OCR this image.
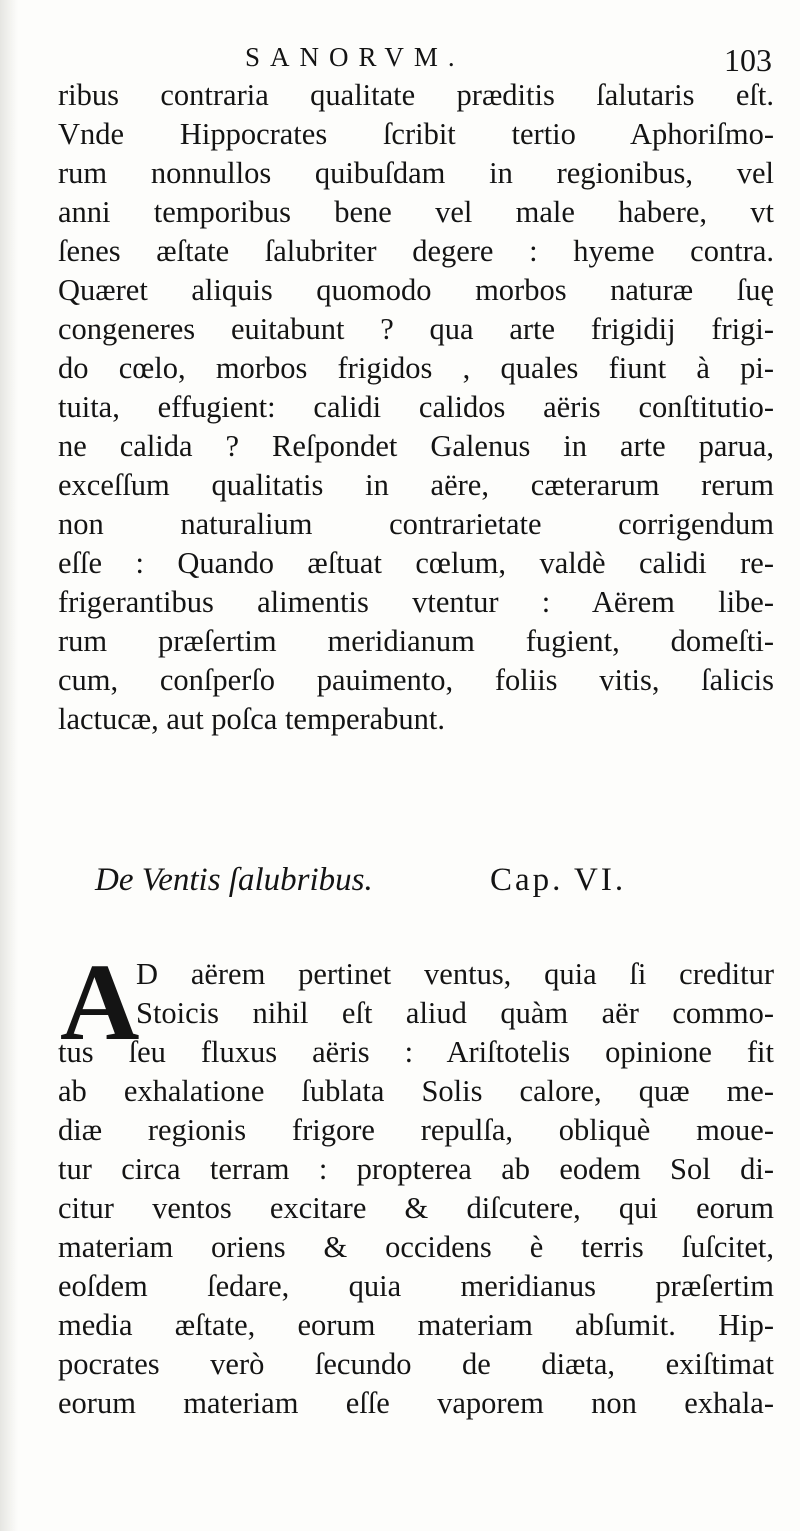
SANORVM.	103
ribus contraria qualitate præditis ſalutaris eſt.
Vnde Hippocrates ſcribit tertio Aphoriſmo-
rum nonnullos quibuſdam in regionibus, vel
anni temporibus bene vel male habere, vt
ſenes æſtate ſalubriter degere : hyeme contra.
Quæret aliquis quomodo morbos naturæ ſuę
congeneres euitabunt ? qua arte frigidij frigi-
do cœlo, morbos frigidos , quales fiunt à pi-
tuita, effugient: calidi calidos aëris conſtitutio-
ne calida ? Reſpondet Galenus in arte parua,
exceſſum qualitatis in aëre, cæterarum rerum
non naturalium contrarietate corrigendum
eſſe : Quando æſtuat cœlum, valdè calidi re-
frigerantibus alimentis vtentur : Aërem libe-
rum præſertim meridianum fugient, domeſti-
cum, conſperſo pauimento, foliis vitis, ſalicis
lactucæ, aut poſca temperabunt.
De Ventis ſalubribus.	Cap. VI.
A
D aërem pertinet ventus, quia ſi creditur
Stoicis nihil eſt aliud quàm aër commo-
tus ſeu fluxus aëris : Ariſtotelis opinione fit
ab exhalatione ſublata Solis calore, quæ me-
diæ regionis frigore repulſa, obliquè moue-
tur circa terram : propterea ab eodem Sol di-
citur ventos excitare & diſcutere, qui eorum
materiam oriens & occidens è terris ſuſcitet,
eoſdem ſedare, quia meridianus præſertim
media æſtate, eorum materiam abſumit. Hip-
pocrates verò ſecundo de diæta, exiſtimat
eorum materiam eſſe vaporem non exhala-
